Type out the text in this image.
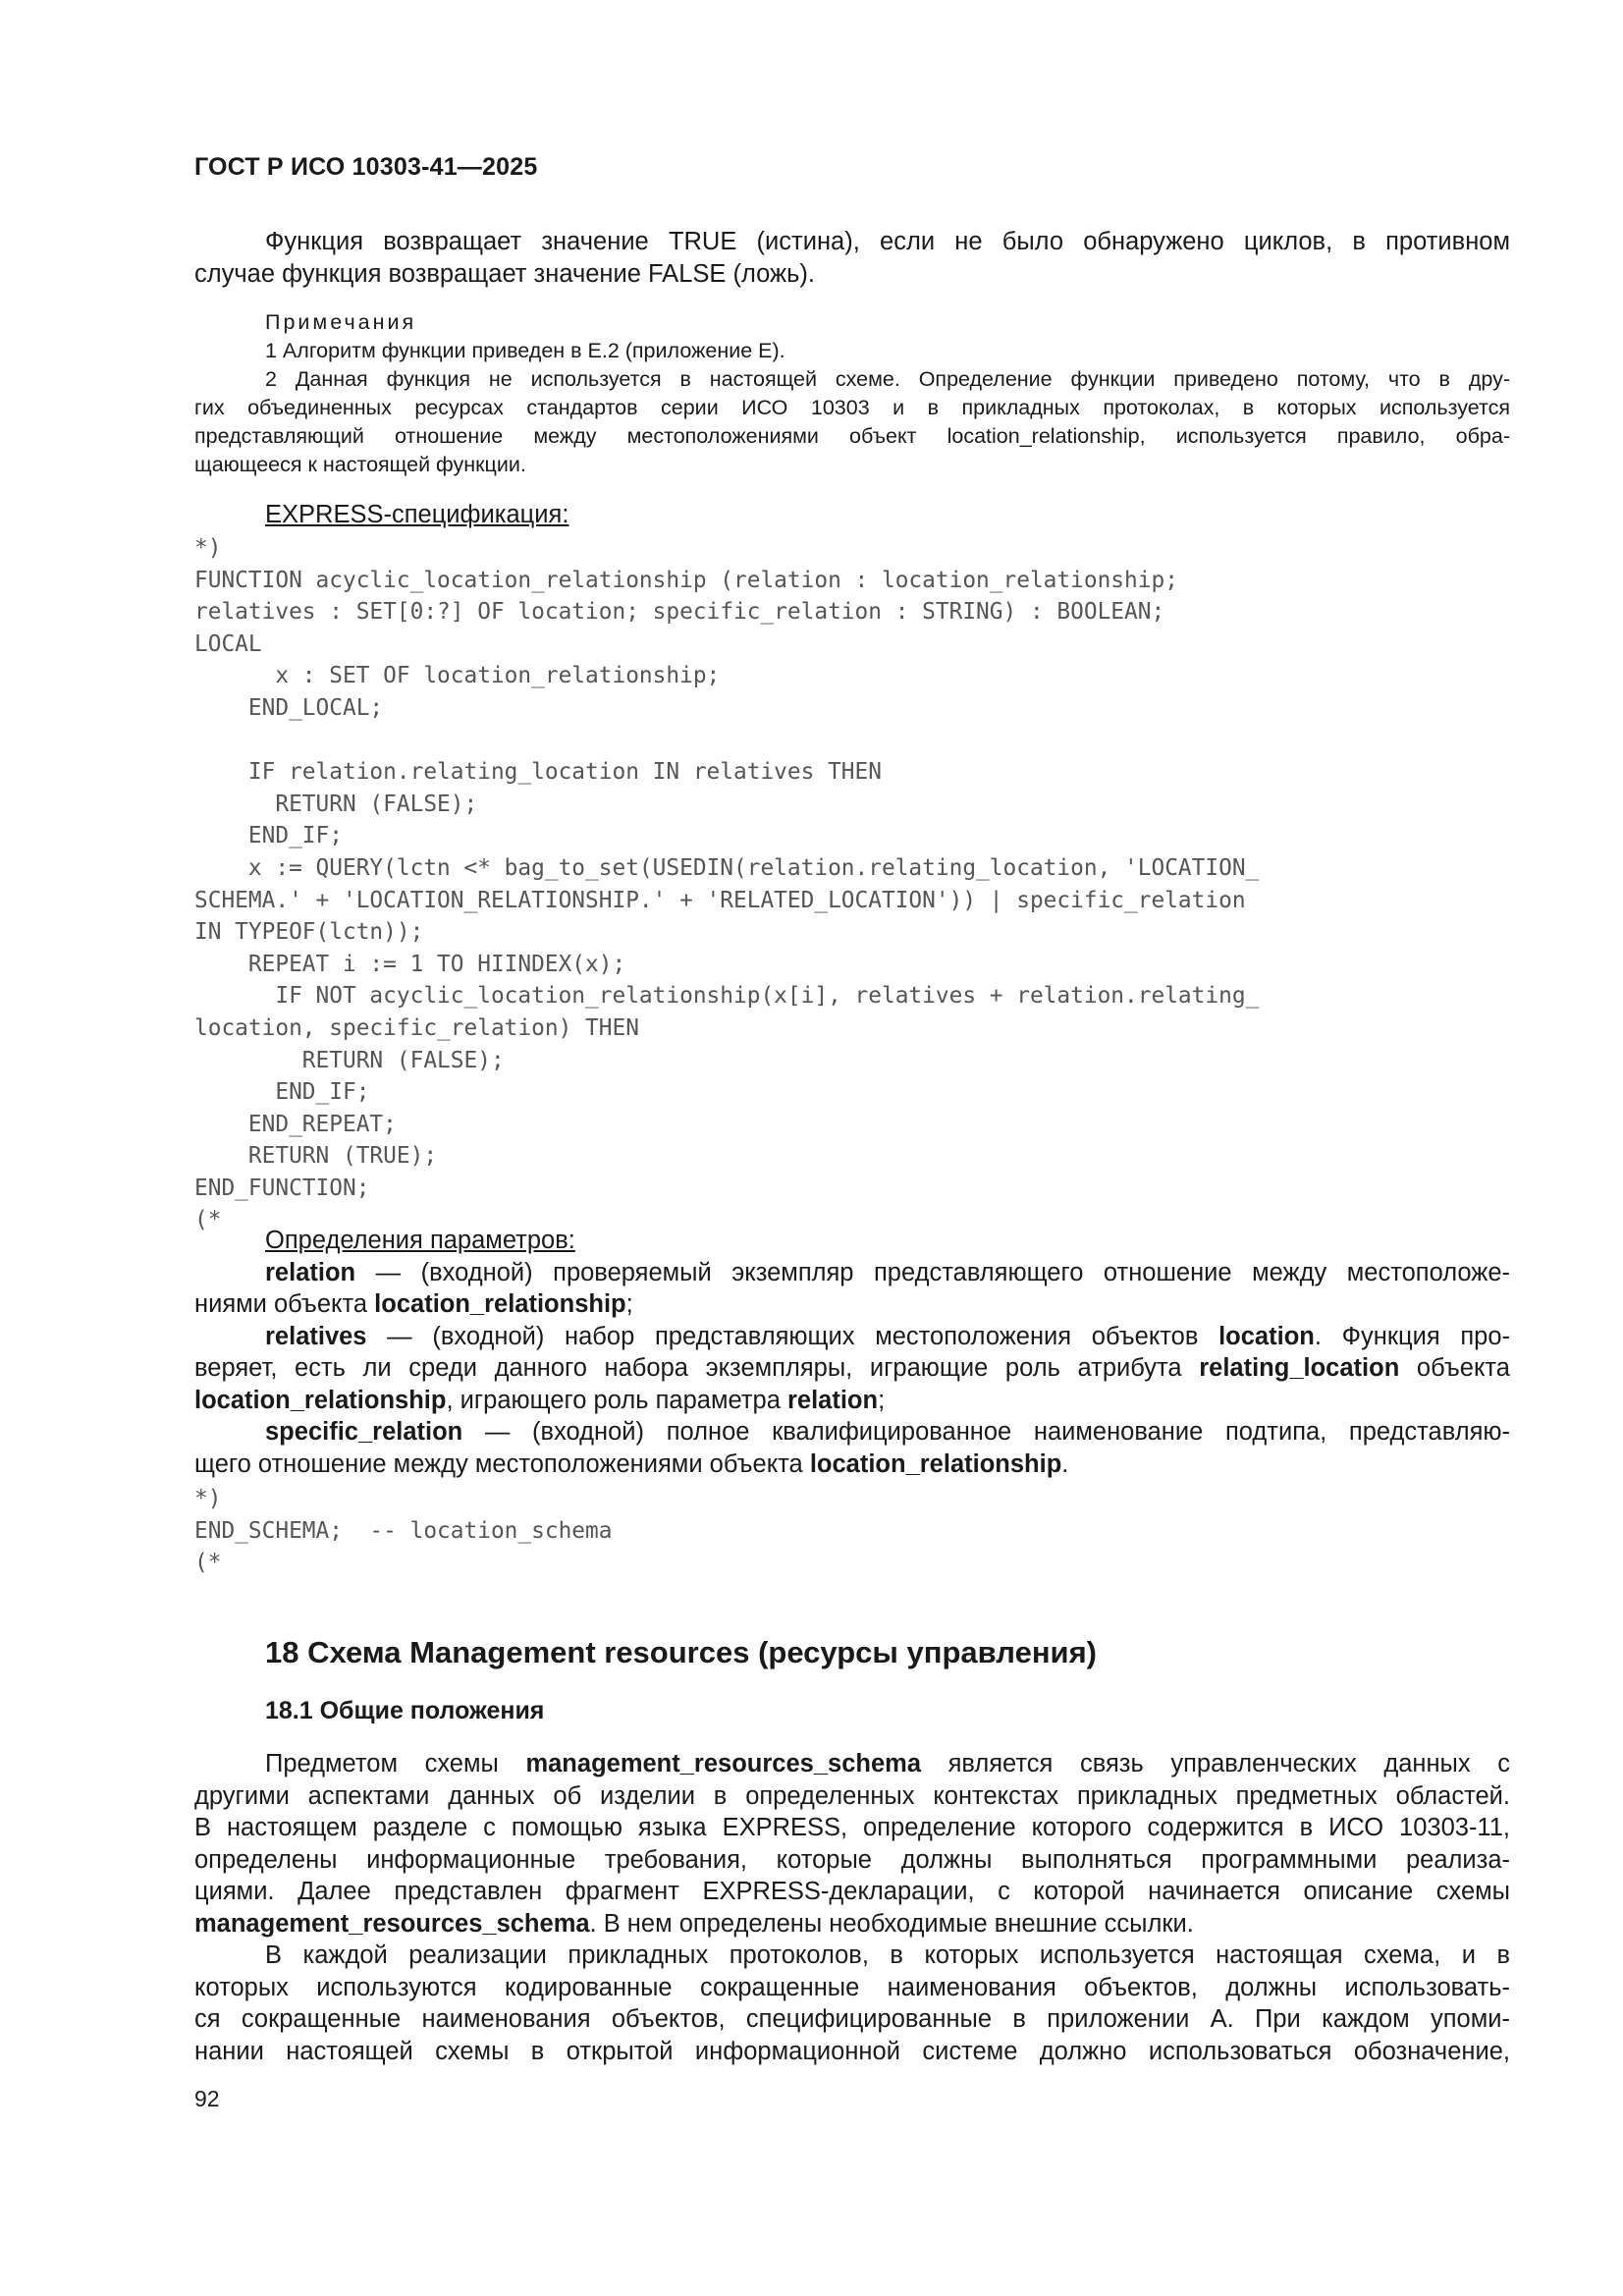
ГОСТ Р ИСО 10303-41—2025

Функция возвращает значение TRUE (истина), если не было обнаружено циклов, в противном

случае функция возвращает значение FALSE (ложь).

Примечания

1 Алгоритм функции приведен в Е.2 (приложение Е).

2 Данная функция не используется в настоящей схеме. Определение функции приведено потому, что в дру-

гих объединенных ресурсах стандартов серии ИСО 10303 и в прикладных протоколах, в которых используется

представляющий отношение между местоположениями объект location_relationship, используется правило, обра-

щающееся к настоящей функции.

EXPRESS-спецификация:

*)
FUNCTION acyclic_location_relationship (relation : location_relationship;
relatives : SET[0:?] OF location; specific_relation : STRING) : BOOLEAN;
LOCAL
x : SET OF location_relationship;
END_LOCAL;

IF relation.relating_location IN relatives THEN
RETURN (FALSE);
END_IF;
x := QUERY(lctn <* bag_to_set(USEDIN(relation.relating_location, 'LOCATION_
SCHEMA.' + 'LOCATION_RELATIONSHIP.' + 'RELATED_LOCATION')) | specific_relation
IN TYPEOF(lctn));
REPEAT i := 1 TO HIINDEX(x);
IF NOT acyclic_location_relationship(x[i], relatives + relation.relating_
location, specific_relation) THEN
RETURN (FALSE);
END_IF;
END_REPEAT;
RETURN (TRUE);
END_FUNCTION;
(*

Определения параметров:

relation — (входной) проверяемый экземпляр представляющего отношение между местоположе-

ниями объекта location_relationship;

relatives — (входной) набор представляющих местоположения объектов location. Функция про-

веряет, есть ли среди данного набора экземпляры, играющие роль атрибута relating_location объекта

location_relationship, играющего роль параметра relation;

specific_relation — (входной) полное квалифицированное наименование подтипа, представляю-

щего отношение между местоположениями объекта location_relationship.

*)
END_SCHEMA;  -- location_schema
(*

18 Схема Management resources (ресурсы управления)

18.1 Общие положения

Предметом схемы management_resources_schema является связь управленческих данных с

другими аспектами данных об изделии в определенных контекстах прикладных предметных областей.

В настоящем разделе с помощью языка EXPRESS, определение которого содержится в ИСО 10303-11,

определены информационные требования, которые должны выполняться программными реализа-

циями. Далее представлен фрагмент EXPRESS-декларации, с которой начинается описание схемы

management_resources_schema. В нем определены необходимые внешние ссылки.

В каждой реализации прикладных протоколов, в которых используется настоящая схема, и в

которых используются кодированные сокращенные наименования объектов, должны использовать-

ся сокращенные наименования объектов, специфицированные в приложении А. При каждом упоми-

нании настоящей схемы в открытой информационной системе должно использоваться обозначение,

92
